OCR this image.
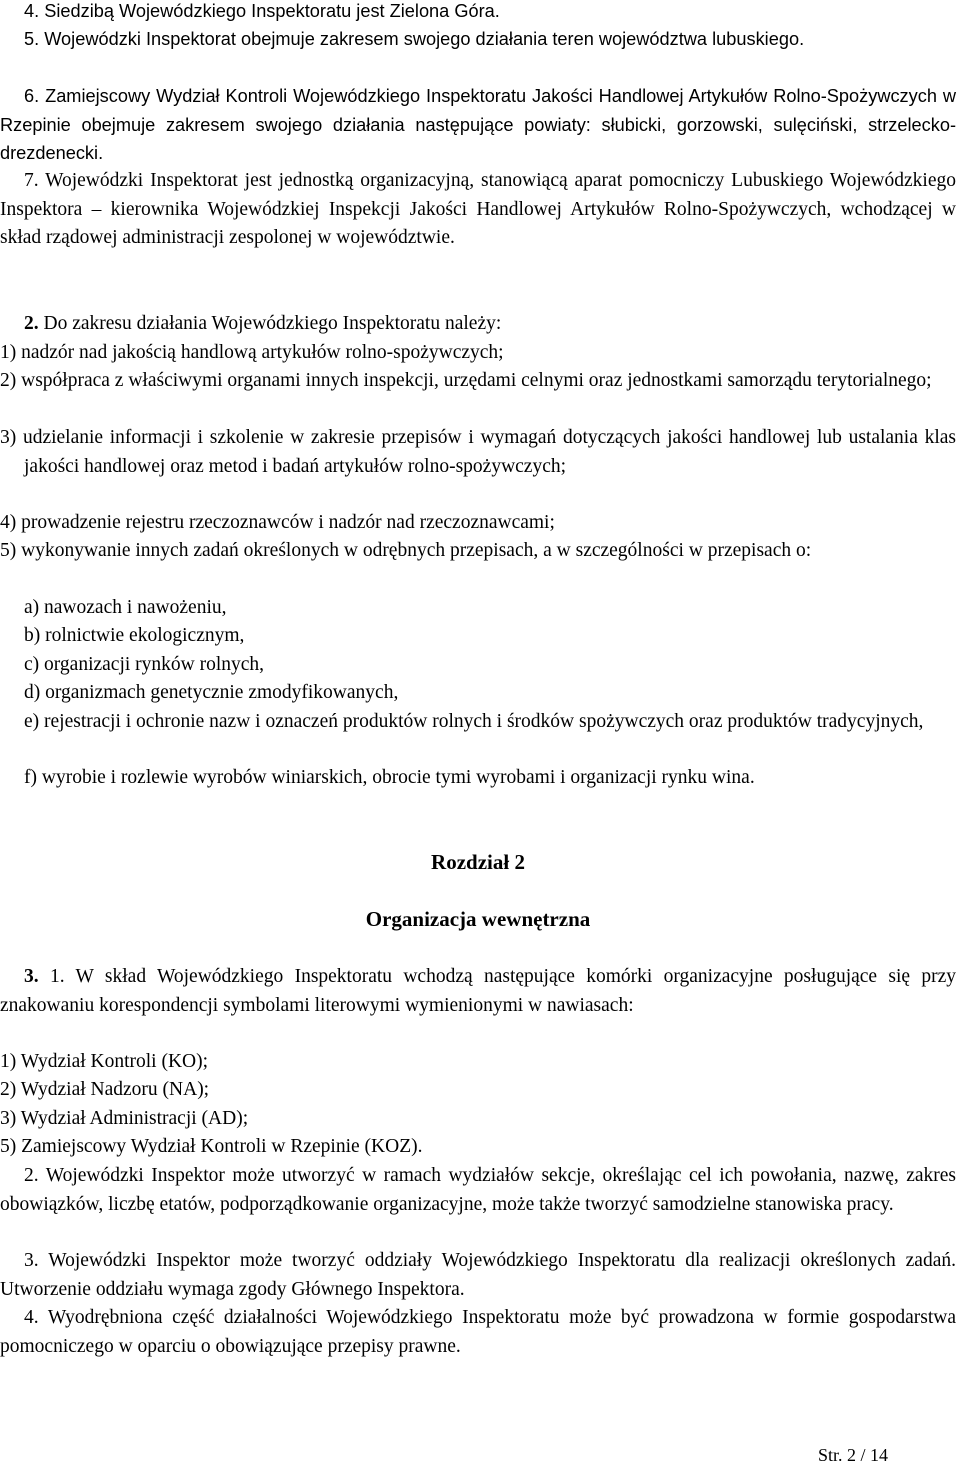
4. Siedzibą Wojewódzkiego Inspektoratu jest Zielona Góra.

5. Wojewódzki Inspektorat obejmuje zakresem swojego działania teren województwa lubuskiego.

6. Zamiejscowy Wydział Kontroli Wojewódzkiego Inspektoratu Jakości Handlowej Artykułów Rolno-Spożywczych w Rzepinie obejmuje zakresem swojego działania następujące powiaty: słubicki, gorzowski, sulęciński, strzelecko-drezdenecki.

7. Wojewódzki Inspektorat jest jednostką organizacyjną, stanowiącą aparat pomocniczy Lubuskiego Wojewódzkiego Inspektora – kierownika Wojewódzkiej Inspekcji Jakości Handlowej Artykułów Rolno-Spożywczych, wchodzącej w skład rządowej administracji zespolonej w województwie.

2. Do zakresu działania Wojewódzkiego Inspektoratu należy:

1) nadzór nad jakością handlową artykułów rolno-spożywczych;

2) współpraca z właściwymi organami innych inspekcji, urzędami celnymi oraz jednostkami samorządu terytorialnego;

3) udzielanie informacji i szkolenie w zakresie przepisów i wymagań dotyczących jakości handlowej lub ustalania klas jakości handlowej oraz metod i badań artykułów rolno-spożywczych;

4) prowadzenie rejestru rzeczoznawców i nadzór nad rzeczoznawcami;

5) wykonywanie innych zadań określonych w odrębnych przepisach, a w szczególności w przepisach o:

a) nawozach i nawożeniu,

b) rolnictwie ekologicznym,

c) organizacji rynków rolnych,

d) organizmach genetycznie zmodyfikowanych,

e) rejestracji i ochronie nazw i oznaczeń produktów rolnych i środków spożywczych oraz produktów tradycyjnych,

f) wyrobie i rozlewie wyrobów winiarskich, obrocie tymi wyrobami i organizacji rynku wina.

Rozdział 2
Organizacja wewnętrzna

3. 1. W skład Wojewódzkiego Inspektoratu wchodzą następujące komórki organizacyjne posługujące się przy znakowaniu korespondencji symbolami literowymi wymienionymi w nawiasach:

1) Wydział Kontroli (KO);

2) Wydział Nadzoru (NA);

3) Wydział Administracji (AD);

5) Zamiejscowy Wydział Kontroli w Rzepinie (KOZ).

2. Wojewódzki Inspektor może utworzyć w ramach wydziałów sekcje, określając cel ich powołania, nazwę, zakres obowiązków, liczbę etatów, podporządkowanie organizacyjne, może także tworzyć samodzielne stanowiska pracy.

3. Wojewódzki Inspektor może tworzyć oddziały Wojewódzkiego Inspektoratu dla realizacji określonych zadań. Utworzenie oddziału wymaga zgody Głównego Inspektora.

4. Wyodrębniona część działalności Wojewódzkiego Inspektoratu może być prowadzona w formie gospodarstwa pomocniczego w oparciu o obowiązujące przepisy prawne.

Str. 2 / 14
